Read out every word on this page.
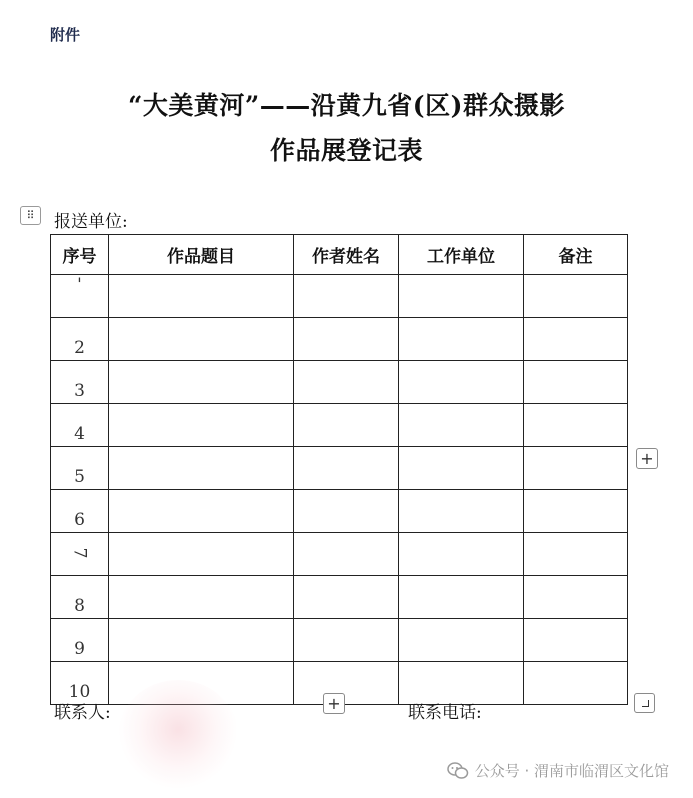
附件
“大美黄河”——沿黄九省(区)群众摄影
作品展登记表
⠿	报送单位:
序号	作品题目	作者姓名	工作单位	备注
'				
2				
3				
4				
5				
6				
7				
8				
9				
10				
+
+
联系人:	联系电话:
公众号 · 渭南市临渭区文化馆
